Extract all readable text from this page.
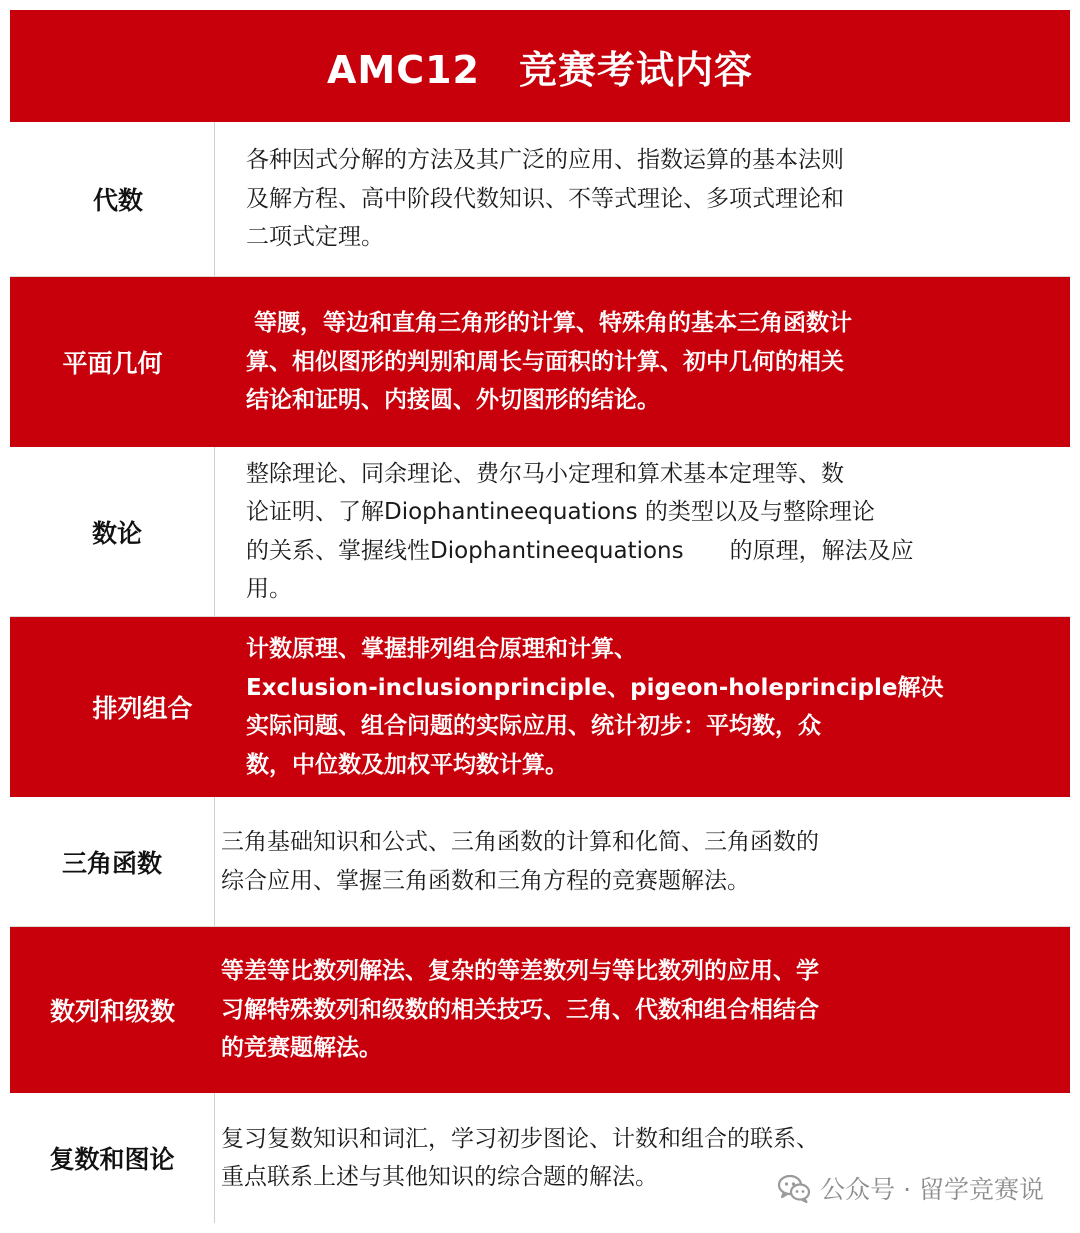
AMC12　竞赛考试内容
代数
各种因式分解的方法及其广泛的应用、指数运算的基本法则
及解方程、高中阶段代数知识、不等式理论、多项式理论和
二项式定理。
平面几何
等腰，等边和直角三角形的计算、特殊角的基本三角函数计
算、相似图形的判别和周长与面积的计算、初中几何的相关
结论和证明、内接圆、外切图形的结论。
数论
整除理论、同余理论、费尔马小定理和算术基本定理等、数
论证明、了解Diophantineequations 的类型以及与整除理论
的关系、掌握线性Diophantineequations　　的原理，解法及应
用。
排列组合
计数原理、掌握排列组合原理和计算、
Exclusion-inclusionprinciple、pigeon-holeprinciple解决
实际问题、组合问题的实际应用、统计初步：平均数，众
数，中位数及加权平均数计算。
三角函数
三角基础知识和公式、三角函数的计算和化简、三角函数的
综合应用、掌握三角函数和三角方程的竞赛题解法。
数列和级数
等差等比数列解法、复杂的等差数列与等比数列的应用、学
习解特殊数列和级数的相关技巧、三角、代数和组合相结合
的竞赛题解法。
复数和图论
复习复数知识和词汇，学习初步图论、计数和组合的联系、
重点联系上述与其他知识的综合题的解法。	公众号 · 留学竞赛说
